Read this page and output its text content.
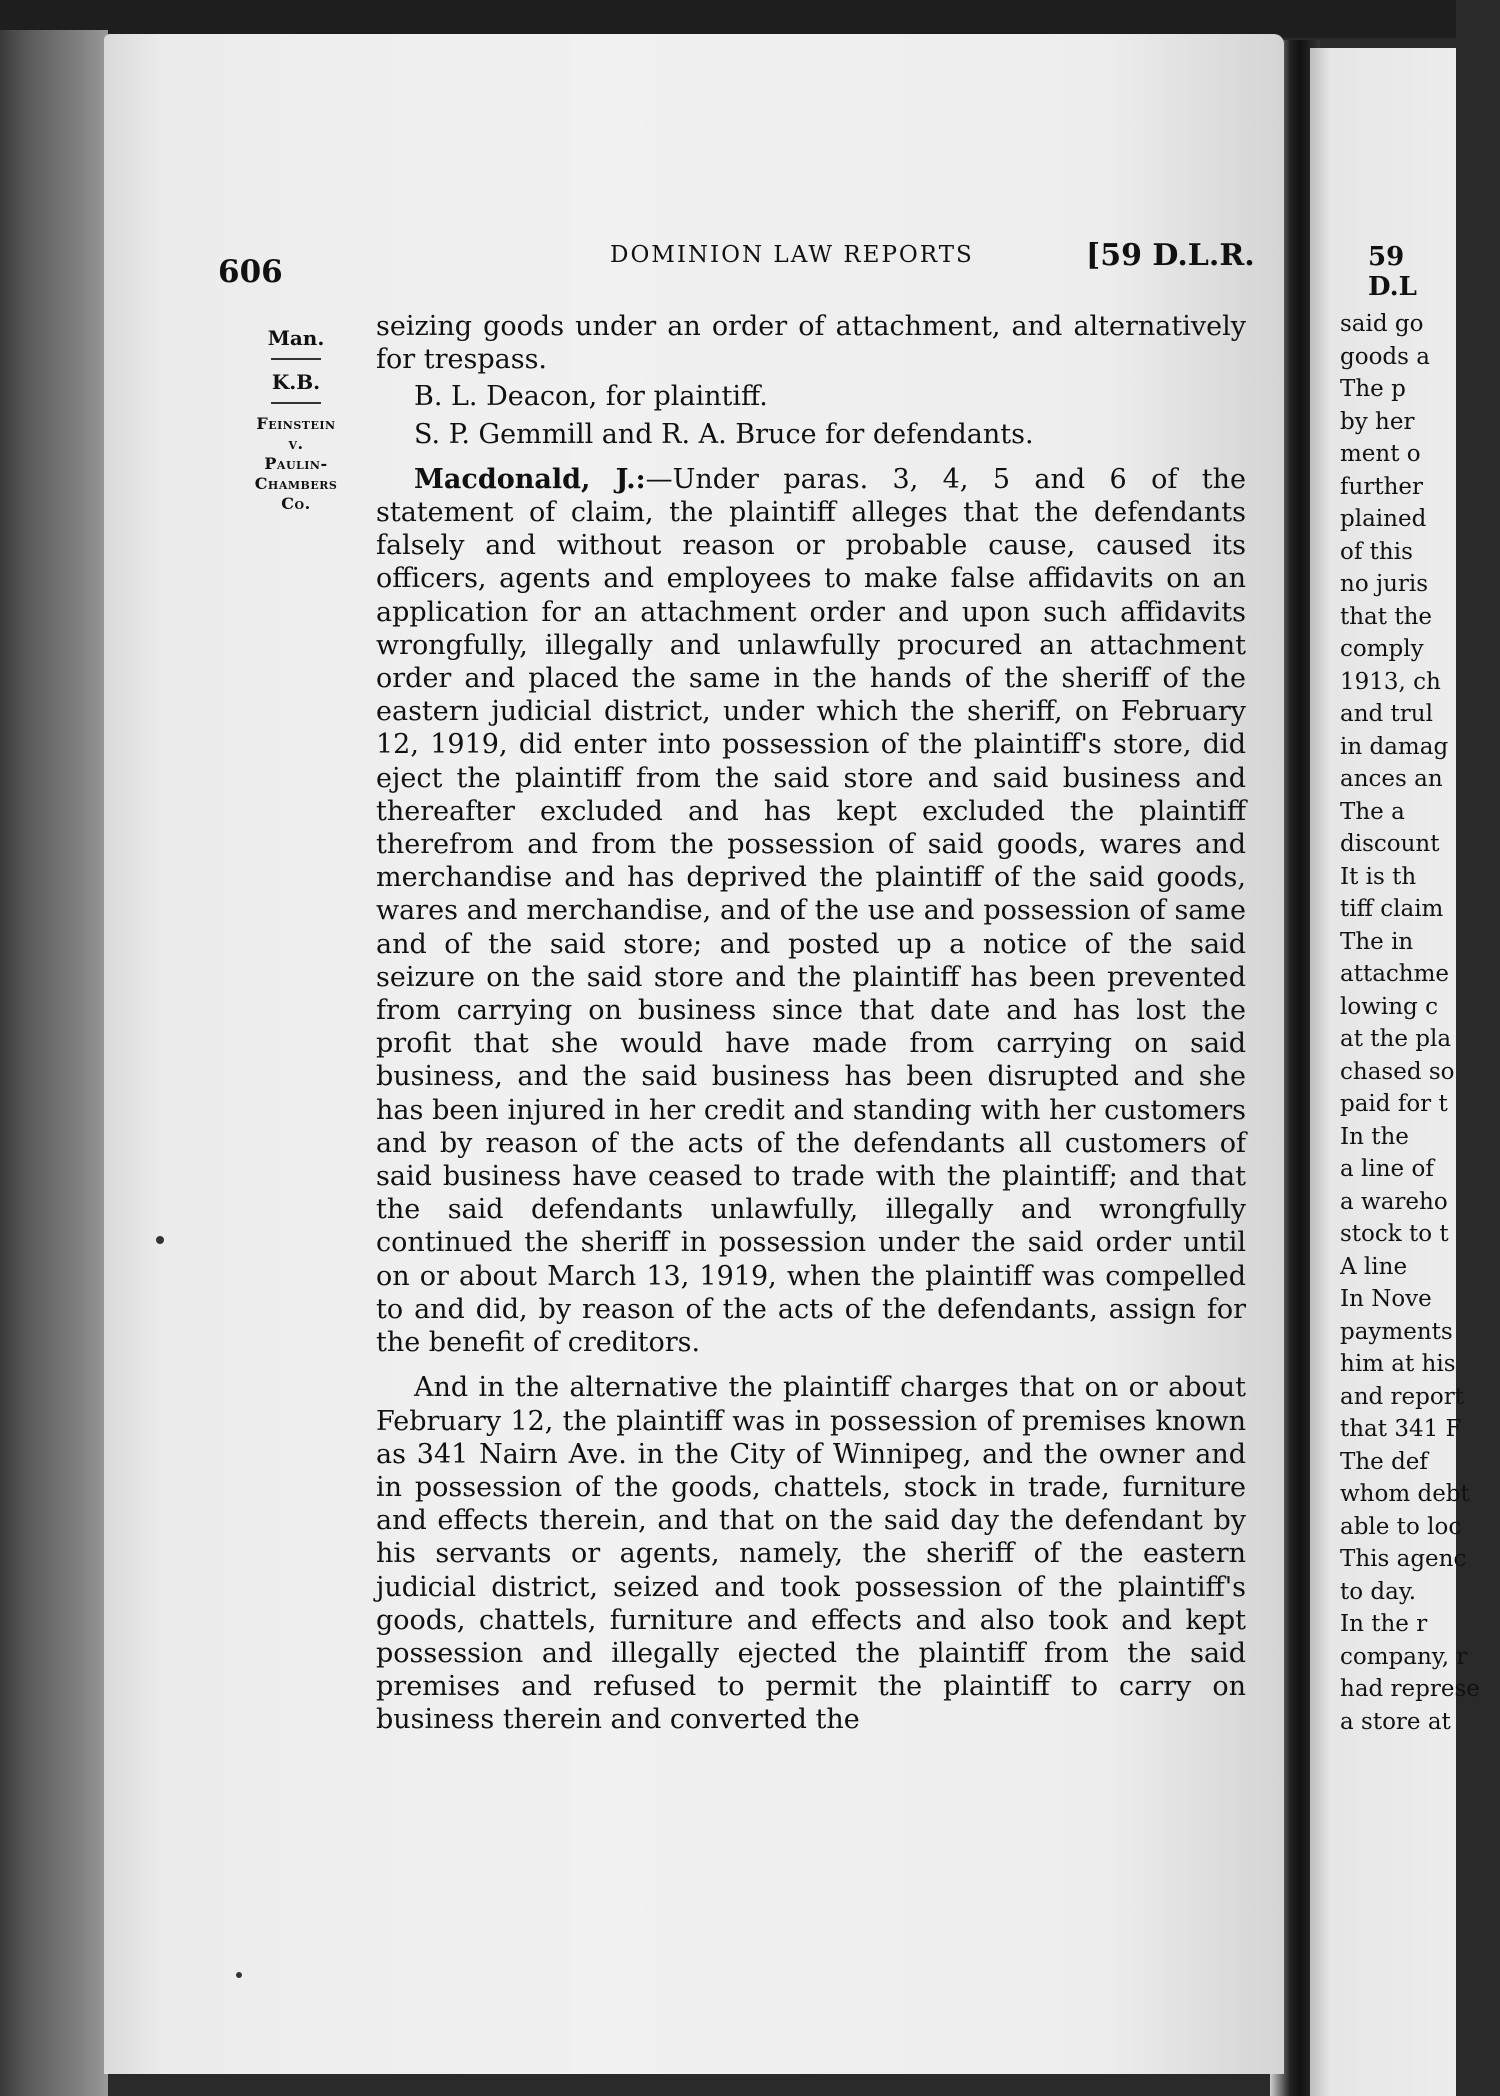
606	DOMINION LAW REPORTS	[59 D.L.R.
Man.
K.B.
Feinstein
v.
Paulin-
Chambers
Co.

seizing goods under an order of attachment, and alternatively for trespass.

B. L. Deacon, for plaintiff.

S. P. Gemmill and R. A. Bruce for defendants.

Macdonald, J.:—Under paras. 3, 4, 5 and 6 of the statement of claim, the plaintiff alleges that the defendants falsely and without reason or probable cause, caused its officers, agents and employees to make false affidavits on an application for an attachment order and upon such affidavits wrongfully, illegally and unlawfully procured an attachment order and placed the same in the hands of the sheriff of the eastern judicial district, under which the sheriff, on February 12, 1919, did enter into possession of the plaintiff's store, did eject the plaintiff from the said store and said business and thereafter excluded and has kept excluded the plaintiff therefrom and from the possession of said goods, wares and merchandise and has deprived the plaintiff of the said goods, wares and merchandise, and of the use and possession of same and of the said store; and posted up a notice of the said seizure on the said store and the plaintiff has been prevented from carrying on business since that date and has lost the profit that she would have made from carrying on said business, and the said business has been disrupted and she has been injured in her credit and standing with her customers and by reason of the acts of the defendants all customers of said business have ceased to trade with the plaintiff; and that the said defendants unlawfully, illegally and wrongfully continued the sheriff in possession under the said order until on or about March 13, 1919, when the plaintiff was compelled to and did, by reason of the acts of the defendants, assign for the benefit of creditors.

And in the alternative the plaintiff charges that on or about February 12, the plaintiff was in possession of premises known as 341 Nairn Ave. in the City of Winnipeg, and the owner and in possession of the goods, chattels, stock in trade, furniture and effects therein, and that on the said day the defendant by his servants or agents, namely, the sheriff of the eastern judicial district, seized and took possession of the plaintiff's goods, chattels, furniture and effects and also took and kept possession and illegally ejected the plaintiff from the said premises and refused to permit the plaintiff to carry on business therein and converted the

59 D.L

said go

goods a

The p

by her

ment o

further

plained

of this

no juris

that the

comply

1913, ch

and trul

in damag

ances an

The a

discount

It is th

tiff claim

The in

attachme

lowing c

at the pla

chased so

paid for t

In the

a line of

a wareho

stock to t

A line

In Nove

payments

him at his

and report

that 341 F

The def

whom debt

able to loc

This agenc

to day.

In the r

company, r

had represe

a store at
